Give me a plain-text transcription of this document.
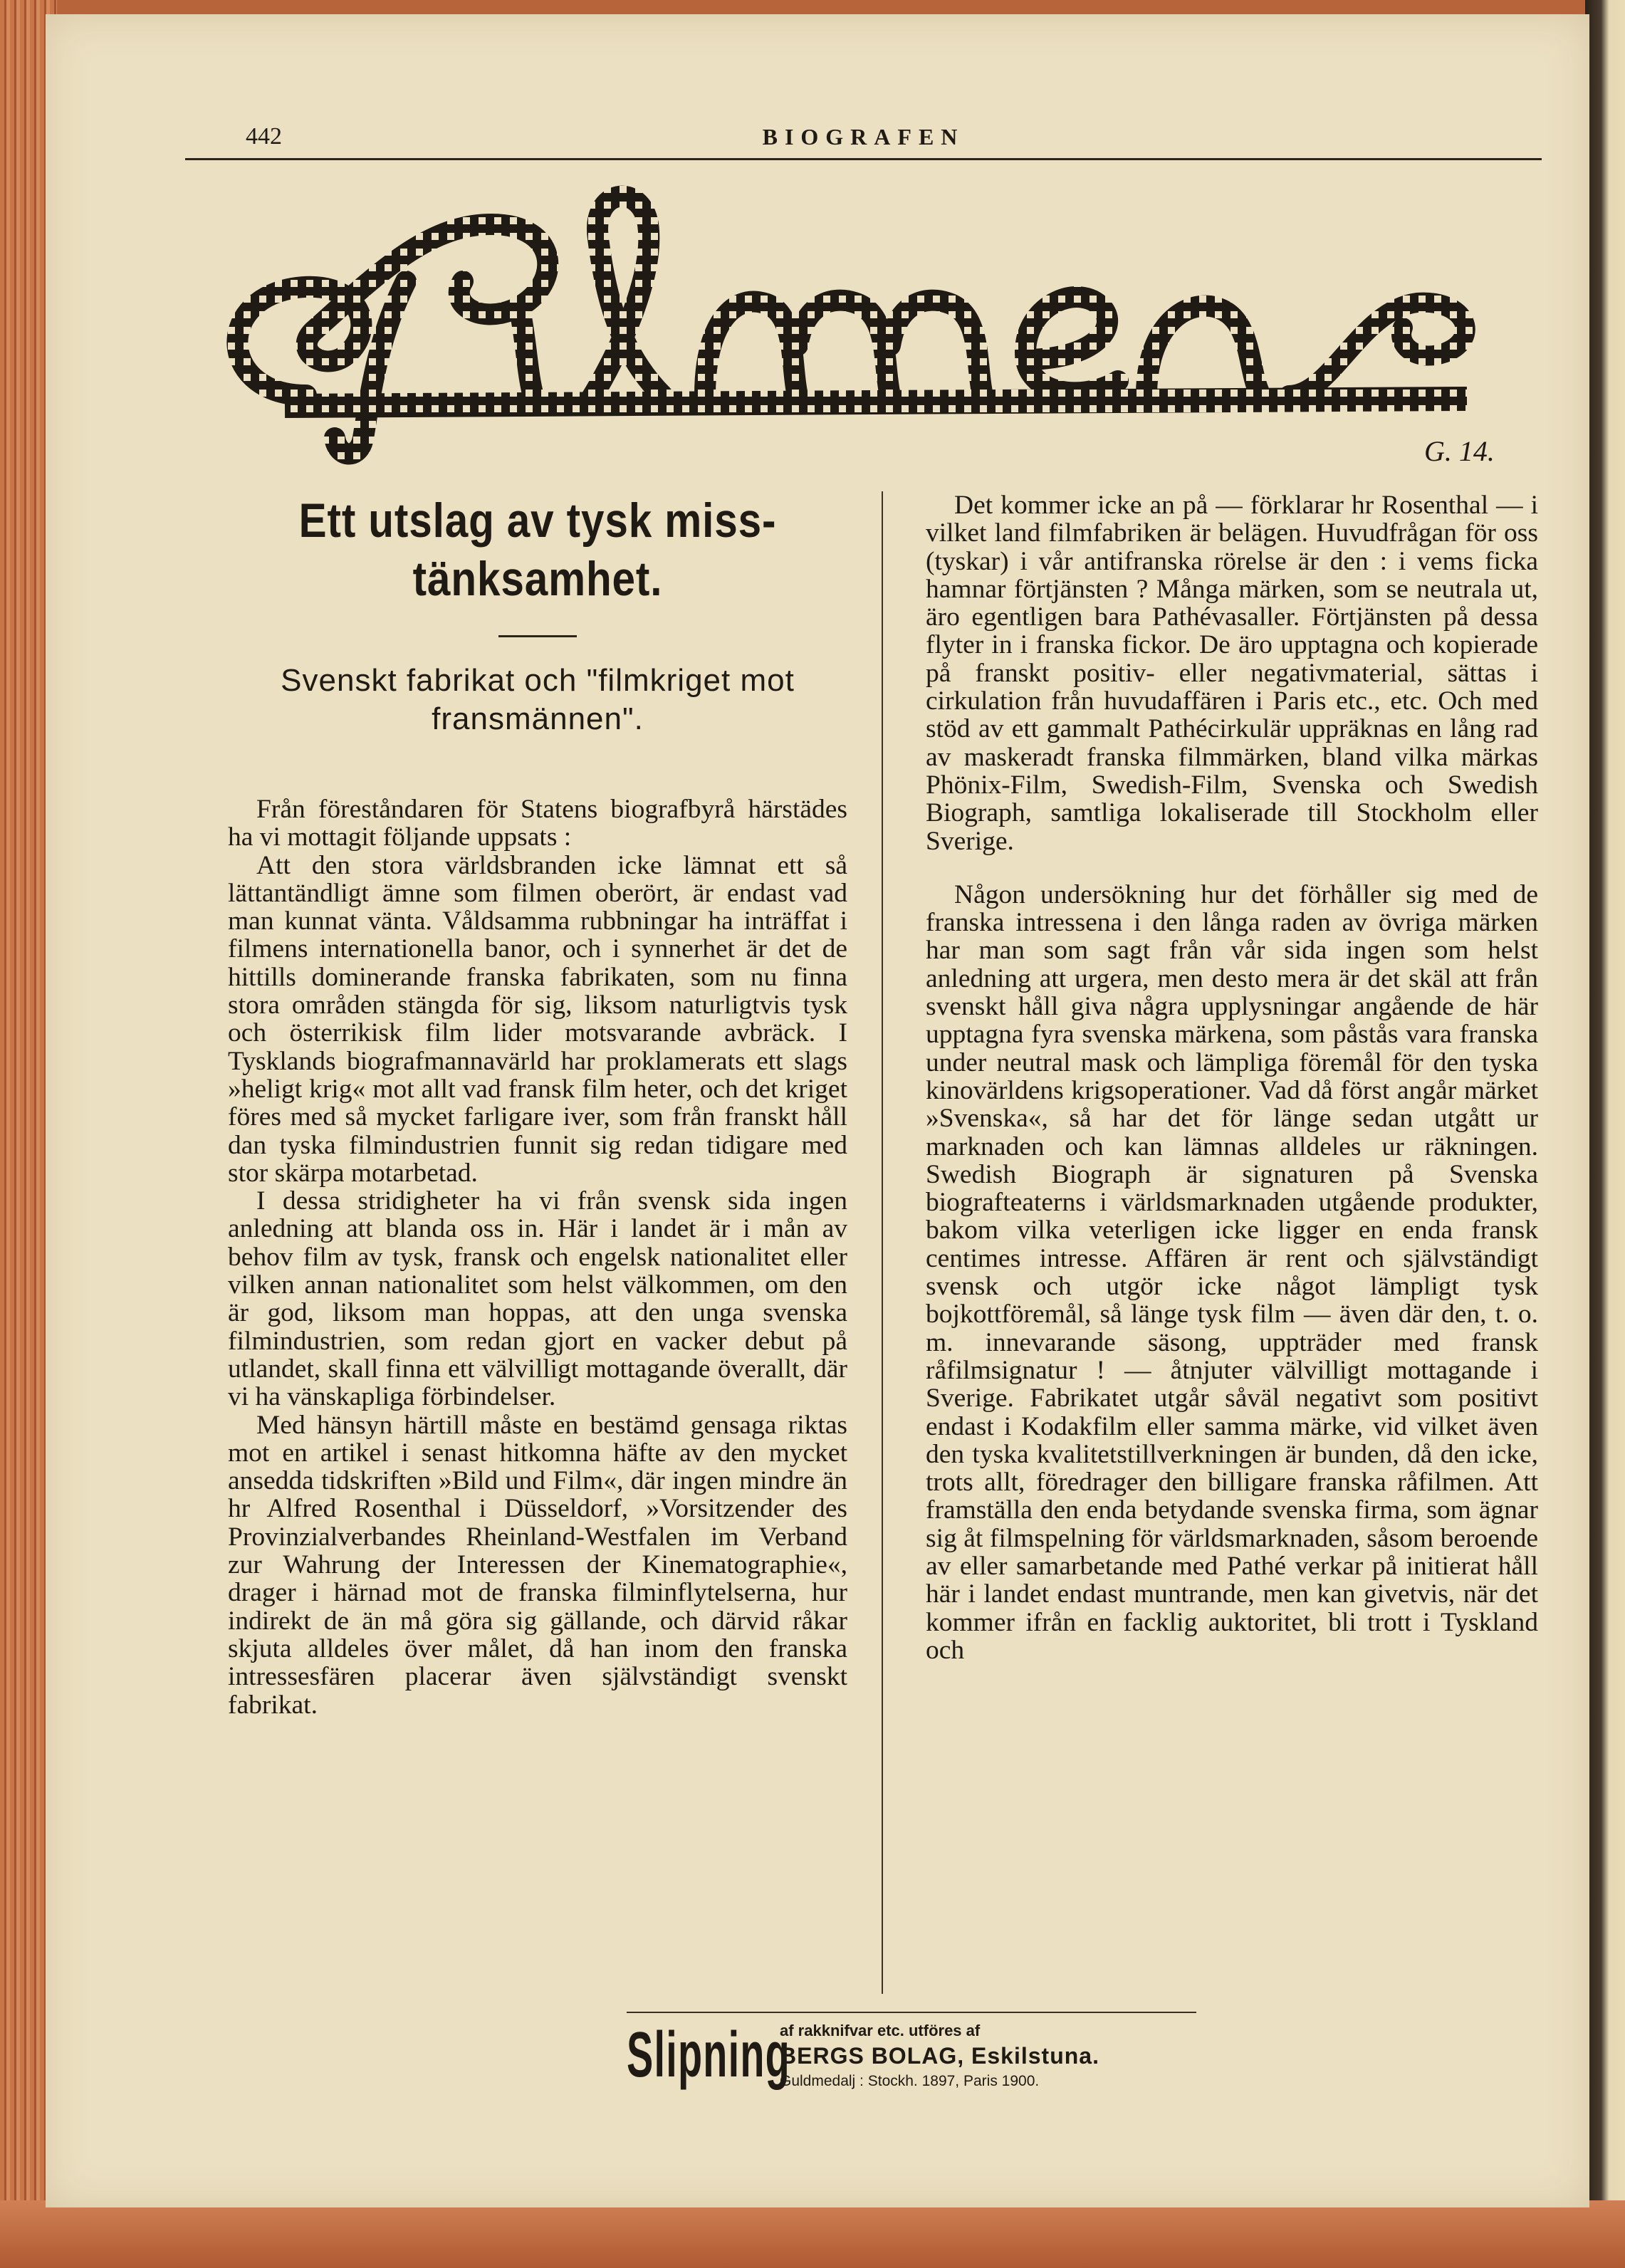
442	BIOGRAFEN
G. 14.
Ett utslag av tysk miss-
tänksamhet.
Svenskt fabrikat och "filmkriget mot
fransmännen".

Från föreståndaren för Statens biografbyrå härstädes ha vi mottagit följande uppsats :

Att den stora världsbranden icke lämnat ett så lättantändligt ämne som filmen oberört, är endast vad man kunnat vänta. Våldsamma rubbningar ha inträffat i filmens internationella banor, och i synnerhet är det de hittills dominerande franska fabrikaten, som nu finna stora områden stängda för sig, liksom naturligtvis tysk och österrikisk film lider motsvarande avbräck. I Tysklands biografmannavärld har proklamerats ett slags »heligt krig« mot allt vad fransk film heter, och det kriget föres med så mycket farligare iver, som från franskt håll dan tyska filmindustrien funnit sig redan tidigare med stor skärpa motarbetad.

I dessa stridigheter ha vi från svensk sida ingen anledning att blanda oss in. Här i landet är i mån av behov film av tysk, fransk och engelsk nationalitet eller vilken annan nationalitet som helst välkommen, om den är god, liksom man hoppas, att den unga svenska filmindustrien, som redan gjort en vacker debut på utlandet, skall finna ett välvilligt mottagande överallt, där vi ha vänskapliga förbindelser.

Med hänsyn härtill måste en bestämd gensaga riktas mot en artikel i senast hitkomna häfte av den mycket ansedda tidskriften »Bild und Film«, där ingen mindre än hr Alfred Rosenthal i Düsseldorf, »Vorsitzender des Provinzialverbandes Rheinland-Westfalen im Verband zur Wahrung der Interessen der Kinematographie«, drager i härnad mot de franska filminflytelserna, hur indirekt de än må göra sig gällande, och därvid råkar skjuta alldeles över målet, då han inom den franska intressesfären placerar även självständigt svenskt fabrikat.

Det kommer icke an på — förklarar hr Rosenthal — i vilket land filmfabriken är belägen. Huvudfrågan för oss (tyskar) i vår antifranska rörelse är den : i vems ficka hamnar förtjänsten ? Många märken, som se neutrala ut, äro egentligen bara Pathévasaller. Förtjänsten på dessa flyter in i franska fickor. De äro upptagna och kopierade på franskt positiv- eller negativmaterial, sättas i cirkulation från huvudaffären i Paris etc., etc. Och med stöd av ett gammalt Pathécirkulär uppräknas en lång rad av maskeradt franska filmmärken, bland vilka märkas Phönix-Film, Swedish-Film, Svenska och Swedish Biograph, samtliga lokaliserade till Stockholm eller Sverige.

Någon undersökning hur det förhåller sig med de franska intressena i den långa raden av övriga märken har man som sagt från vår sida ingen som helst anledning att urgera, men desto mera är det skäl att från svenskt håll giva några upplysningar angående de här upptagna fyra svenska märkena, som påstås vara franska under neutral mask och lämpliga föremål för den tyska kinovärldens krigsoperationer. Vad då först angår märket »Svenska«, så har det för länge sedan utgått ur marknaden och kan lämnas alldeles ur räkningen. Swedish Biograph är signaturen på Svenska biografteaterns i världsmarknaden utgående produkter, bakom vilka veterligen icke ligger en enda fransk centimes intresse. Affären är rent och självständigt svensk och utgör icke något lämpligt tysk bojkottföremål, så länge tysk film — även där den, t. o. m. innevarande säsong, uppträder med fransk råfilmsignatur ! — åtnjuter välvilligt mottagande i Sverige. Fabrikatet utgår såväl negativt som positivt endast i Kodakfilm eller samma märke, vid vilket även den tyska kvalitetstillverkningen är bunden, då den icke, trots allt, föredrager den billigare franska råfilmen. Att framställa den enda betydande svenska firma, som ägnar sig åt filmspelning för världsmarknaden, såsom beroende av eller samarbetande med Pathé verkar på initierat håll här i landet endast muntrande, men kan givetvis, när det kommer ifrån en facklig auktoritet, bli trott i Tyskland och

Slipning
af rakknifvar etc. utföres af
BERGS BOLAG, Eskilstuna.
Guldmedalj : Stockh. 1897, Paris 1900.
